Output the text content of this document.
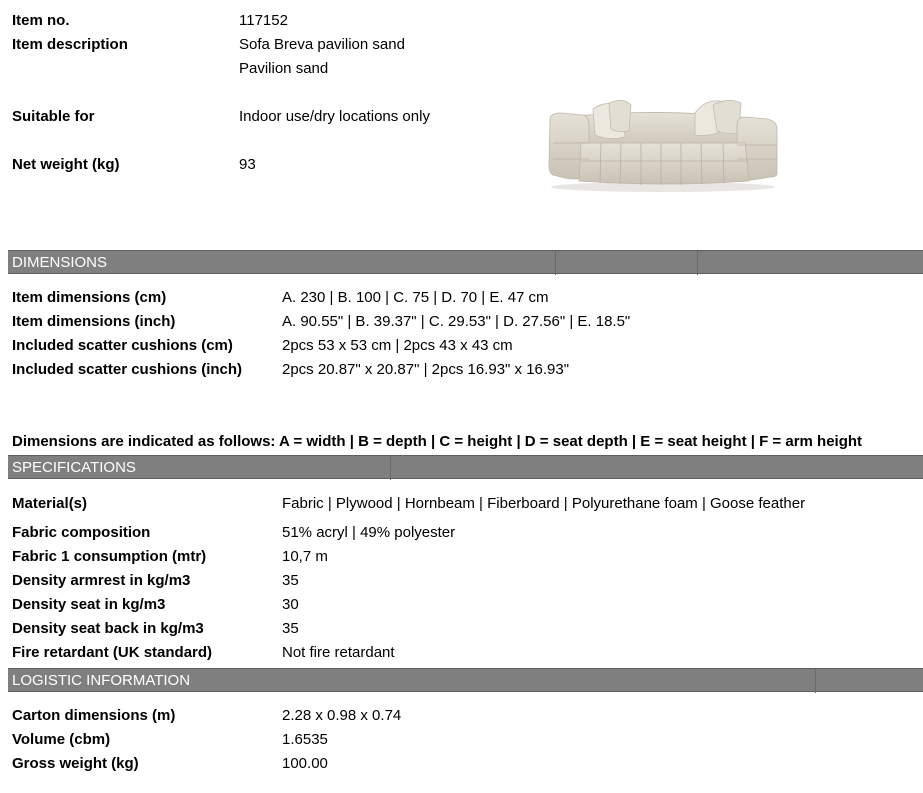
Item no.	117152
Item description	Sofa Breva pavilion sand
Pavilion sand
Suitable for	Indoor use/dry locations only
Net weight (kg)	93
DIMENSIONS
Item dimensions (cm)	A. 230 | B. 100 | C. 75 | D. 70 | E. 47 cm
Item dimensions (inch)	A. 90.55" | B. 39.37" | C. 29.53" | D. 27.56" | E. 18.5"
Included scatter cushions (cm)	2pcs 53 x 53 cm | 2pcs 43 x 43 cm
Included scatter cushions (inch)	2pcs 20.87" x 20.87" | 2pcs 16.93" x 16.93"
Dimensions are indicated as follows: A = width | B = depth | C = height | D = seat depth | E = seat height | F = arm height
SPECIFICATIONS
Material(s)	Fabric | Plywood | Hornbeam | Fiberboard | Polyurethane foam | Goose feather
Fabric composition	51% acryl | 49% polyester
Fabric 1 consumption (mtr)	10,7 m
Density armrest in kg/m3	35
Density seat in kg/m3	30
Density seat back in kg/m3	35
Fire retardant (UK standard)	Not fire retardant
LOGISTIC INFORMATION
Carton dimensions (m)	2.28 x 0.98 x 0.74
Volume (cbm)	1.6535
Gross weight (kg)	100.00
